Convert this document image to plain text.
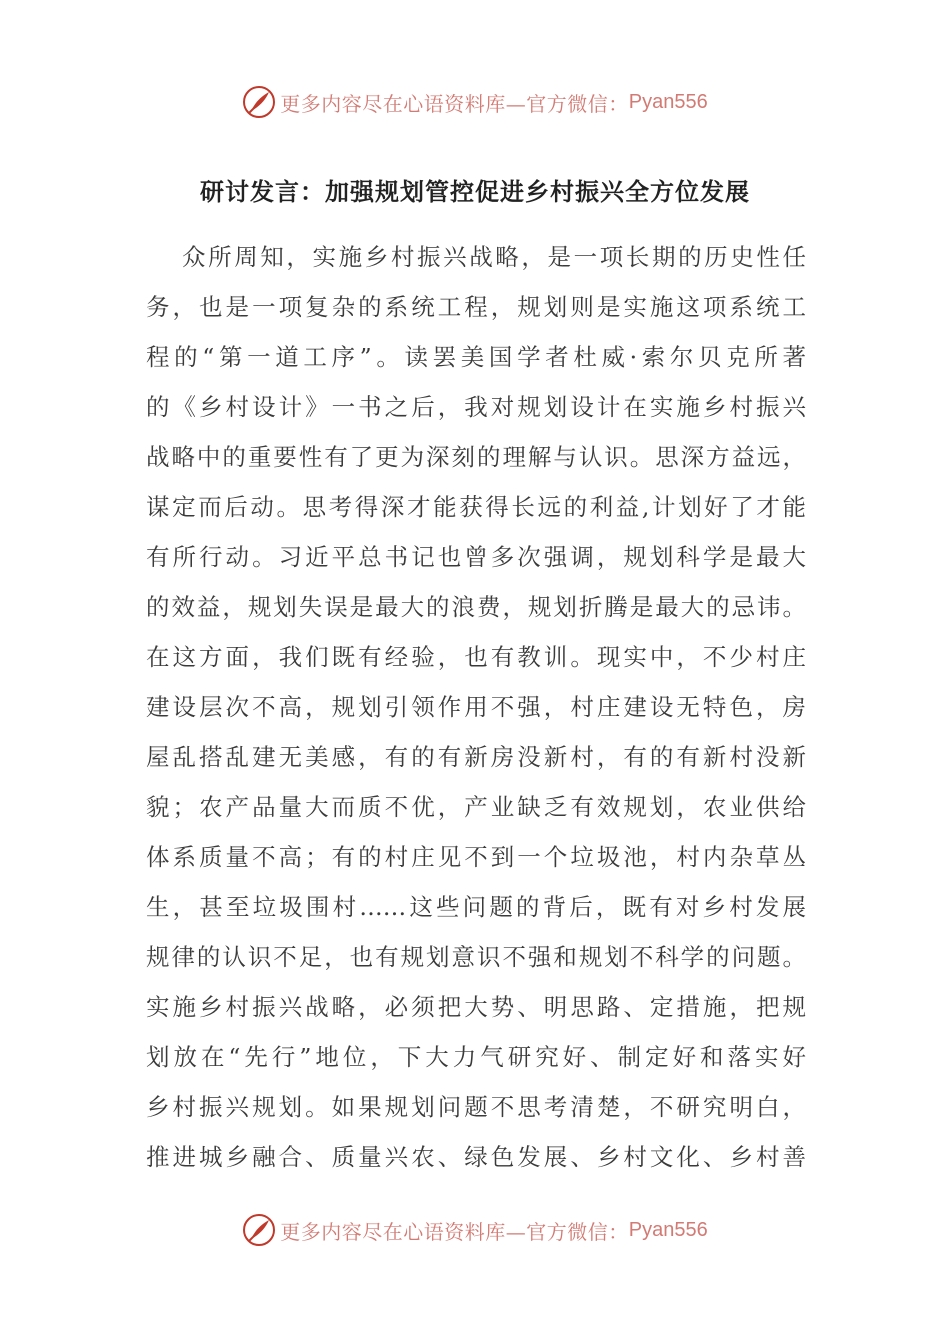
更多内容尽在心语资料库—官方微信： Pyan556
研讨发言：加强规划管控促进乡村振兴全方位发展
众所周知，实施乡村振兴战略，是一项长期的历史性任
务，也是一项复杂的系统工程，规划则是实施这项系统工
程的“第一道工序”。读罢美国学者杜威·索尔贝克所著
的《乡村设计》一书之后，我对规划设计在实施乡村振兴
战略中的重要性有了更为深刻的理解与认识。思深方益远，
谋定而后动。思考得深才能获得长远的利益,计划好了才能
有所行动。习近平总书记也曾多次强调，规划科学是最大
的效益，规划失误是最大的浪费，规划折腾是最大的忌讳。
在这方面，我们既有经验，也有教训。现实中，不少村庄
建设层次不高，规划引领作用不强，村庄建设无特色，房
屋乱搭乱建无美感，有的有新房没新村，有的有新村没新
貌；农产品量大而质不优，产业缺乏有效规划，农业供给
体系质量不高；有的村庄见不到一个垃圾池，村内杂草丛
生，甚至垃圾围村……这些问题的背后，既有对乡村发展
规律的认识不足，也有规划意识不强和规划不科学的问题。
实施乡村振兴战略，必须把大势、明思路、定措施，把规
划放在“先行”地位，下大力气研究好、制定好和落实好
乡村振兴规划。如果规划问题不思考清楚，不研究明白，
推进城乡融合、质量兴农、绿色发展、乡村文化、乡村善
更多内容尽在心语资料库—官方微信： Pyan556
